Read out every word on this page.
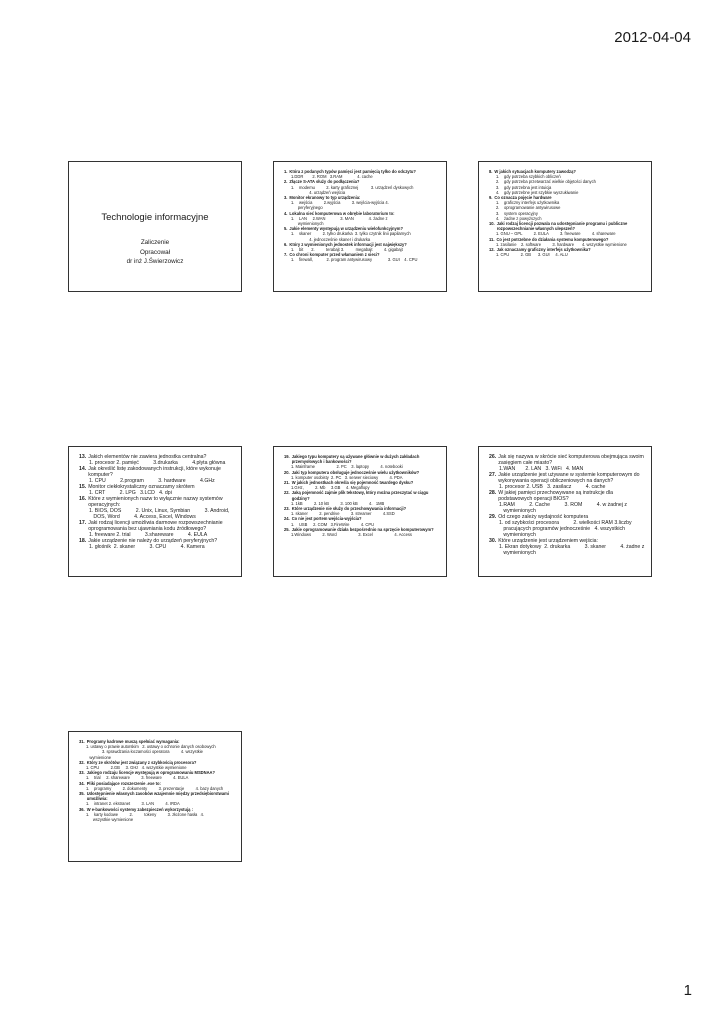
2012-04-04
Technologie informacyjne
Zaliczenie
Opracował
dr inż J.Świerzowicz
1. Która z podanych typów pamięci jest pamięcią tylko do odczytu?
1.DDR        2. ROM   3.RAM             4. cache
2. Złącze S-ATA służy do podłączenia?
1.    modemu          2. karty graficznej           3. urządzeń dyskowych
4. urządzeń wejścia
3. Monitor ekranowy to typ urządzenia:
1.    wejścia          2.wyjścia          3. wejścia-wyjścia 4.
peryferyjnego
4. Lokalna sieć komputerowa w obrębie laboratorium to:
1.    LAN     2.WAN             3. MAN             4. żadne z
wymienionych
5. Jakie elementy występują w urządzeniu wielofunkcyjnym?
1.    skaner          2. tylko drukarka  3. tylko czytnik linii papilarnych
4. jednocześnie skaner i drukarka
6. Który z wymienionych jednostek informacji jest największy?
1.    bit       2.          terabajt 3.          megabajt          4. gigabajt
7. Co chroni komputer przed włamaniem z sieci?
1.    firewall,            2. program antywirusowy              3. GUI    4. CPU
8. W jakich sytuacjach komputery zawodzą?
1.    gdy potrzeba szybkich obliczeń
2.    gdy potrzeba przetwarzać wielkie objętości danych
3.    gdy potrzebna jest intuicja
4.    gdy potrzebne jest szybkie wyszukiwanie
9. Co oznacza pojęcie hardware
1.    graficzny interfejs użytkownika
2.    oprogramowanie antywirusowe
3.    system operacyjny
4.    żadne z powyższych
10. Jaki rodzaj licencji pozwala na udostępnianie programu i publiczne rozpowszechnianie własnych ulepszeń?
1. GNU – GPL          2. EULA          3. freeware          4. shareware
11. Co jest potrzebne do działania systemu komputerowego?
1. zasilanie    2. software          3. hardware       4. wszystkie wymienione
12. Jak oznaczamy graficzny interfejs użytkownika?
1. CPU          2. GB      3. GUI     4. ALU
13. Jakich elementów nie zawiera jednostka centralna?
1. procesor 2. pamięć          3.drukarka          4.płyta główna
14. Jak określić listę zakodowanych instrukcji, które wykonuje komputer?
1. CPU          2.program          3. hardware          4.GHz
15. Monitor ciekłokrystaliczny oznaczamy skrótem
1. CRT          2. LPG   3.LCD   4. dpi
16. Które z wymienionych nazw to wyłącznie nazwy systemów operacyjnych:
1. BIOS, DOS          2. Unix, Linux, Symbian          3. Android,
DOS, Word          4. Access, Excel, Windows
17. Jaki rodzaj licencji umożliwia darmowe rozpowszechnianie oprogramowania bez ujawniania kodu źródłowego?
1. freeware 2. trial          3.shareware          4. EULA
18. Jakie urządzenie nie należy do urządzeń peryferyjnych?
1. głośnik  2. skaner          3. CPU          4. Kamera
19. Jakiego typu komputery są używane głównie w dużych zakładach przemysłowych i bankowości?
1. Mainframe                   2. PC    3. laptopy          4. notebooki
20. Jaki typ komputera obsługuje jednocześnie wielu użytkowników?
1. komputer osobisty  2. PC   3. serwer sieciowy          4. PDA
21. W jakich jednostkach określa się pojemność twardego dysku?
1.GHz,          2. Mb     3.GB     4. Megaflopy
22. Jaką pojemność zajmie plik tekstowy, który można przeczytać w ciągu godziny?
1. 1kB          2. 10 kB          3. 100 kB          4.   1MB
23. Które urządzenie nie służy do przechowywania informacji?
1. skaner          2. pendrive          3. streamer          4.SSD
24. Co nie jest portem wejścia-wyjścia?
1.    USB     2. COM   3.FireWire          4. CPU
25. Jakie oprogramowanie działa bezpośrednio na sprzęcie komputerowym?
1.Windows          2. Word                   3. Excel                   4. Access
26. Jak się nazywa w skrócie sieć komputerowa obejmująca swoim zasięgiem całe miasto?
1.WAN       2. LAN   3. WiFi   4. MAN
27. Jakie urządzenie jest używane w systemie komputerowym do wykonywania operacji obliczeniowych na danych?
1. procesor 2. USB   3. zasilacz          4. cache
28. W jakiej pamięci przechowywane są instrukcje dla podstawowych operacji BIOS?
1.RAM          2. Cache          3. ROM          4. w żadnej z
wymienionych
29. Od czego zależy wydajność komputera
1. od szybkości procesora          2. wielkości RAM 3.liczby
pracujących programów jednocześnie   4. wszystkich
wymienionych
30. Które urządzenie jest urządzeniem wejścia:
1. Ekran dotykowy  2. drukarka          3. skaner          4. żadne z
wymienionych
31. Programy kadrowe muszą spełniać wymagania:
1. ustawy o prawie autorskim   2. ustawy o ochronie danych osobowych
3. sprawdzania łoczamości operatora          4. wszystkie
wymienione
32. Który ze skrótów jest związany z szybkością procesora?
1. CPU          2.GB     3. GHz   4. wszystkie wymienione
33. Jakiego rodzaju licencje występują w oprogramowaniu MSDNAA?
1.    trial     2. shareware          3. freeware          4. EULA
34. Pliki posiadające rozszerzenie .exe to:
1.    programy          2. dokumenty          3. prezentacje          4. bazy danych
35. Udostępnienie własnych zasobów wzajemnie między przedsiębiorstwami umożliwia:
1.    intranet 2. ekstranet          3. LAN          4. IRDA
36. W e-bankowości systemy zabezpieczeń wykorzystują :
1.    karty kodowe          2.          tokeny          3. złożone hasła   4.
wszystkie wymienione
1
